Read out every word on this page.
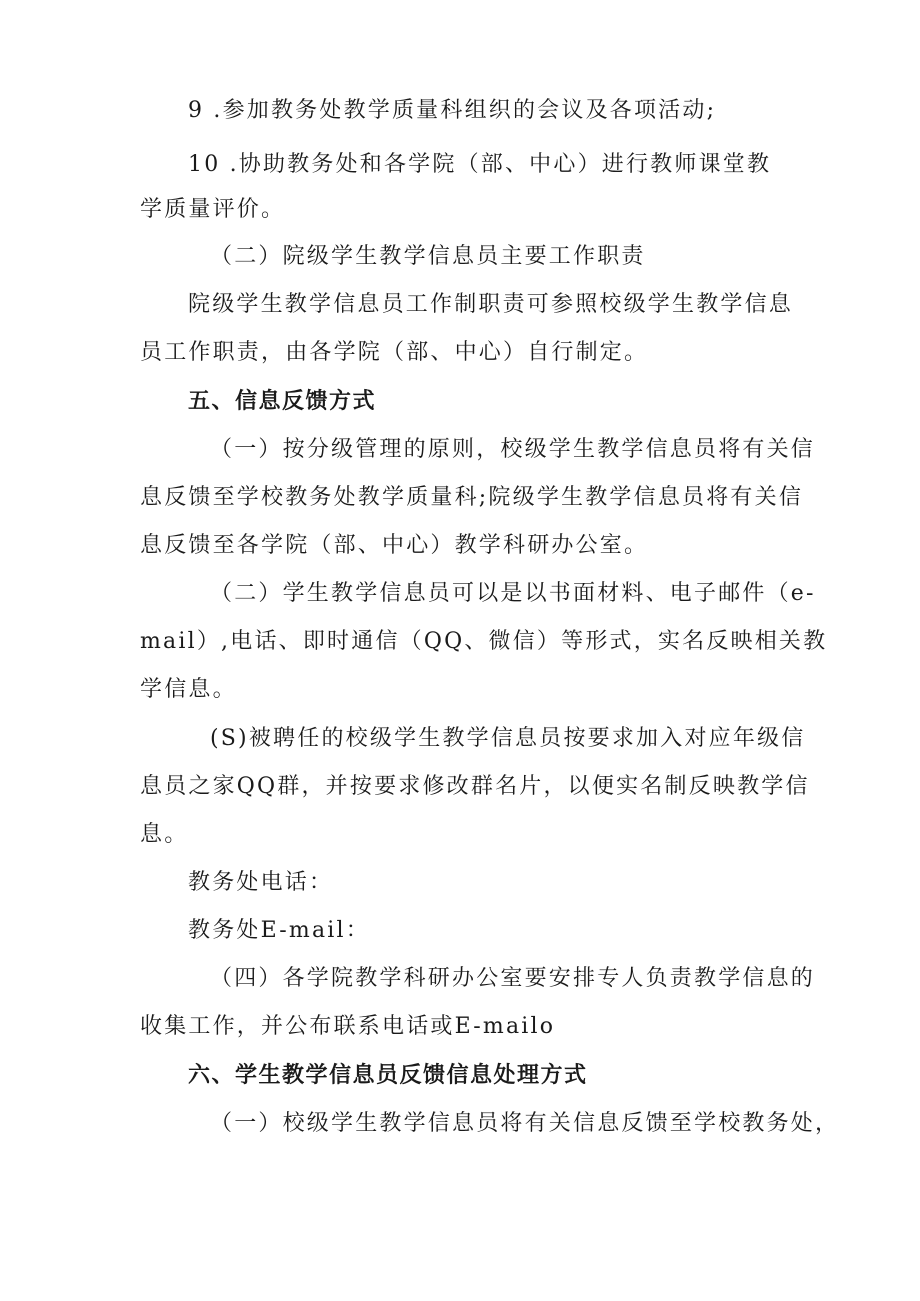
9 .参加教务处教学质量科组织的会议及各项活动;
10 .协助教务处和各学院（部、中心）进行教师课堂教
学质量评价。
（二）院级学生教学信息员主要工作职责
院级学生教学信息员工作制职责可参照校级学生教学信息
员工作职责，由各学院（部、中心）自行制定。
五、信息反馈方式
（一）按分级管理的原则，校级学生教学信息员将有关信
息反馈至学校教务处教学质量科;院级学生教学信息员将有关信
息反馈至各学院（部、中心）教学科研办公室。
（二）学生教学信息员可以是以书面材料、电子邮件（e-
mail）,电话、即时通信（QQ、微信）等形式，实名反映相关教
学信息。
(S)被聘任的校级学生教学信息员按要求加入对应年级信
息员之家QQ群，并按要求修改群名片，以便实名制反映教学信
息。
教务处电话：
教务处E-mail：
（四）各学院教学科研办公室要安排专人负责教学信息的
收集工作，并公布联系电话或E-mailo
六、学生教学信息员反馈信息处理方式
（一）校级学生教学信息员将有关信息反馈至学校教务处，
